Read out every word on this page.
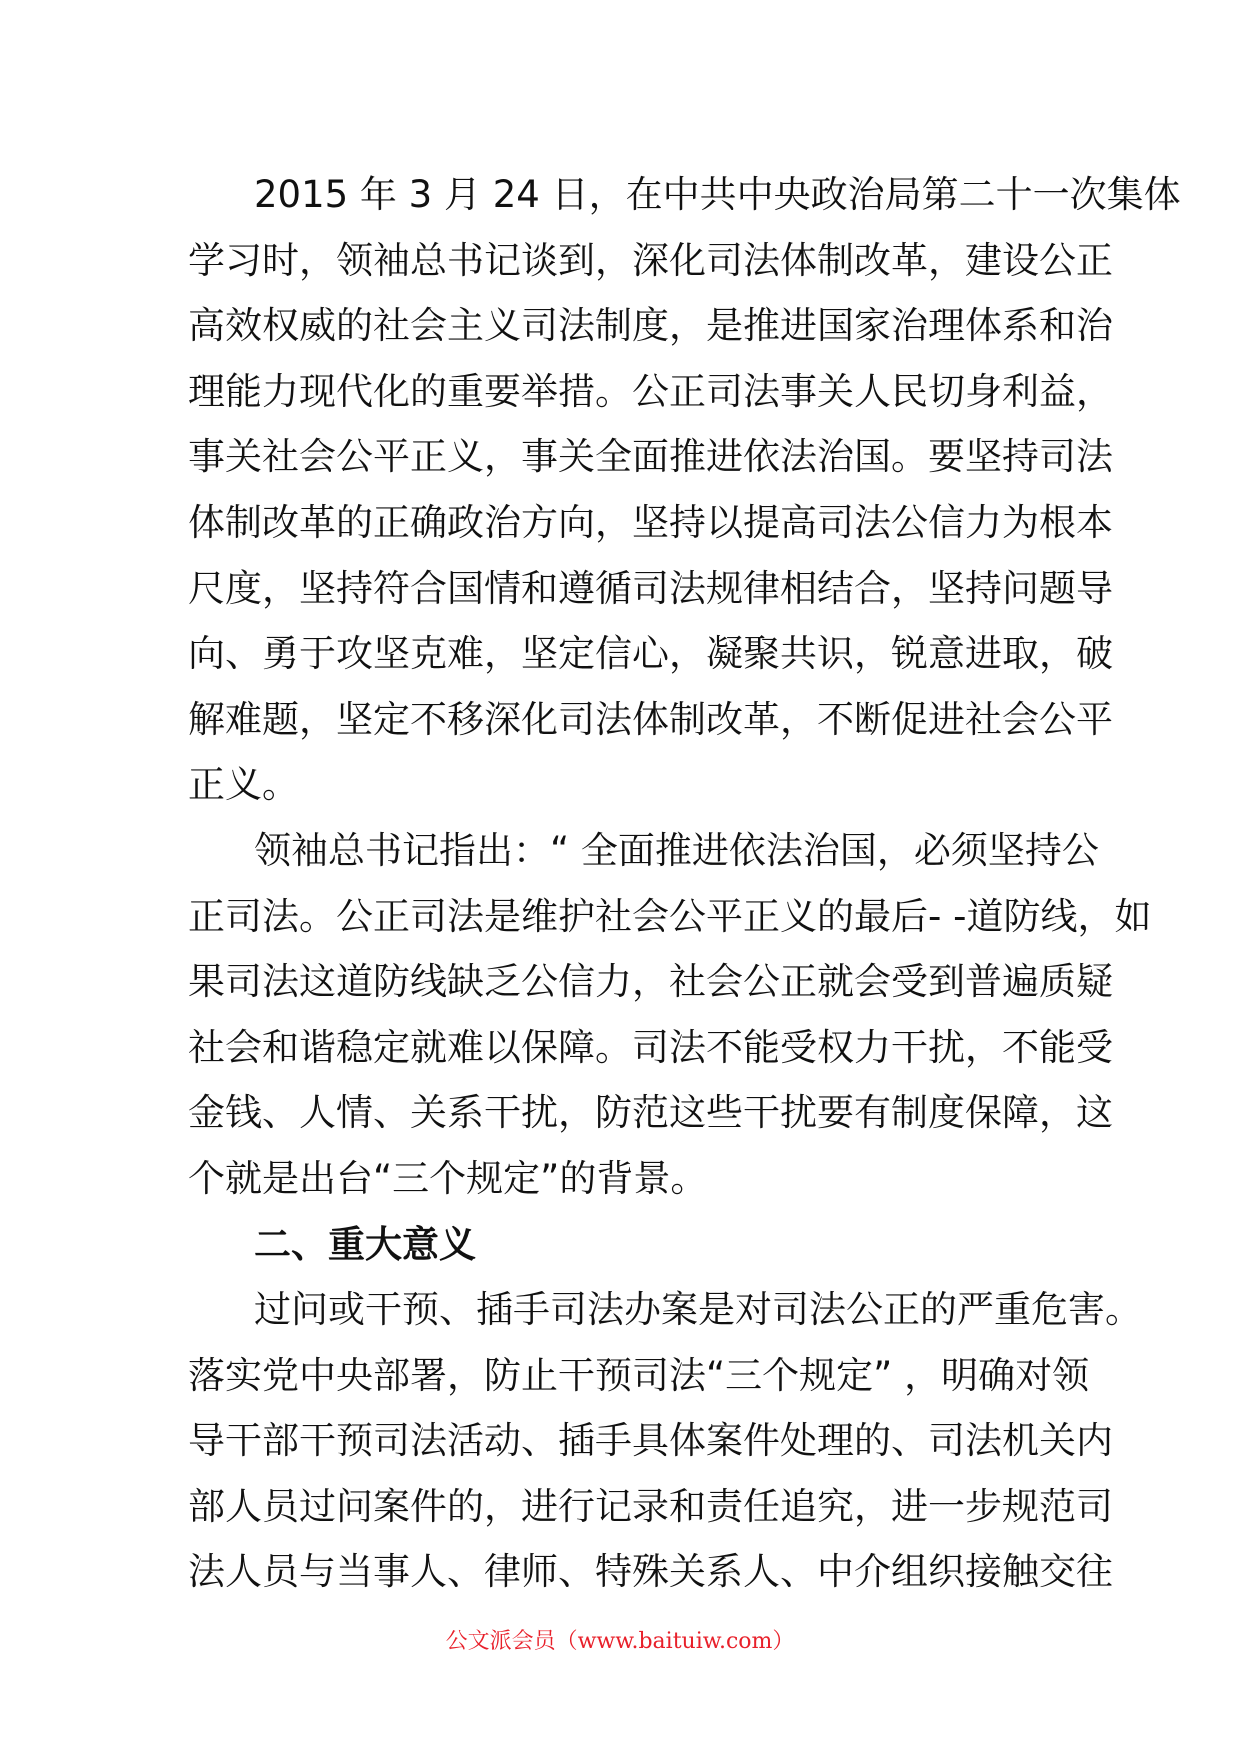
2015 年 3 月 24 日，在中共中央政治局第二十一次集体
学习时，领袖总书记谈到，深化司法体制改革，建设公正
高效权威的社会主义司法制度，是推进国家治理体系和治
理能力现代化的重要举措。公正司法事关人民切身利益，
事关社会公平正义，事关全面推进依法治国。要坚持司法
体制改革的正确政治方向，坚持以提高司法公信力为根本
尺度，坚持符合国情和遵循司法规律相结合，坚持问题导
向、勇于攻坚克难，坚定信心，凝聚共识，锐意进取，破
解难题，坚定不移深化司法体制改革，不断促进社会公平
正义。
领袖总书记指出：“ 全面推进依法治国，必须坚持公
正司法。公正司法是维护社会公平正义的最后- -道防线，如
果司法这道防线缺乏公信力，社会公正就会受到普遍质疑
社会和谐稳定就难以保障。司法不能受权力干扰，不能受
金钱、人情、关系干扰，防范这些干扰要有制度保障，这
个就是出台“三个规定”的背景。
二、重大意义
过问或干预、插手司法办案是对司法公正的严重危害。
落实党中央部署，防止干预司法“三个规定” ，明确对领
导干部干预司法活动、插手具体案件处理的、司法机关内
部人员过问案件的，进行记录和责任追究，进一步规范司
法人员与当事人、律师、特殊关系人、中介组织接触交往
公文派会员（www.baituiw.com）
